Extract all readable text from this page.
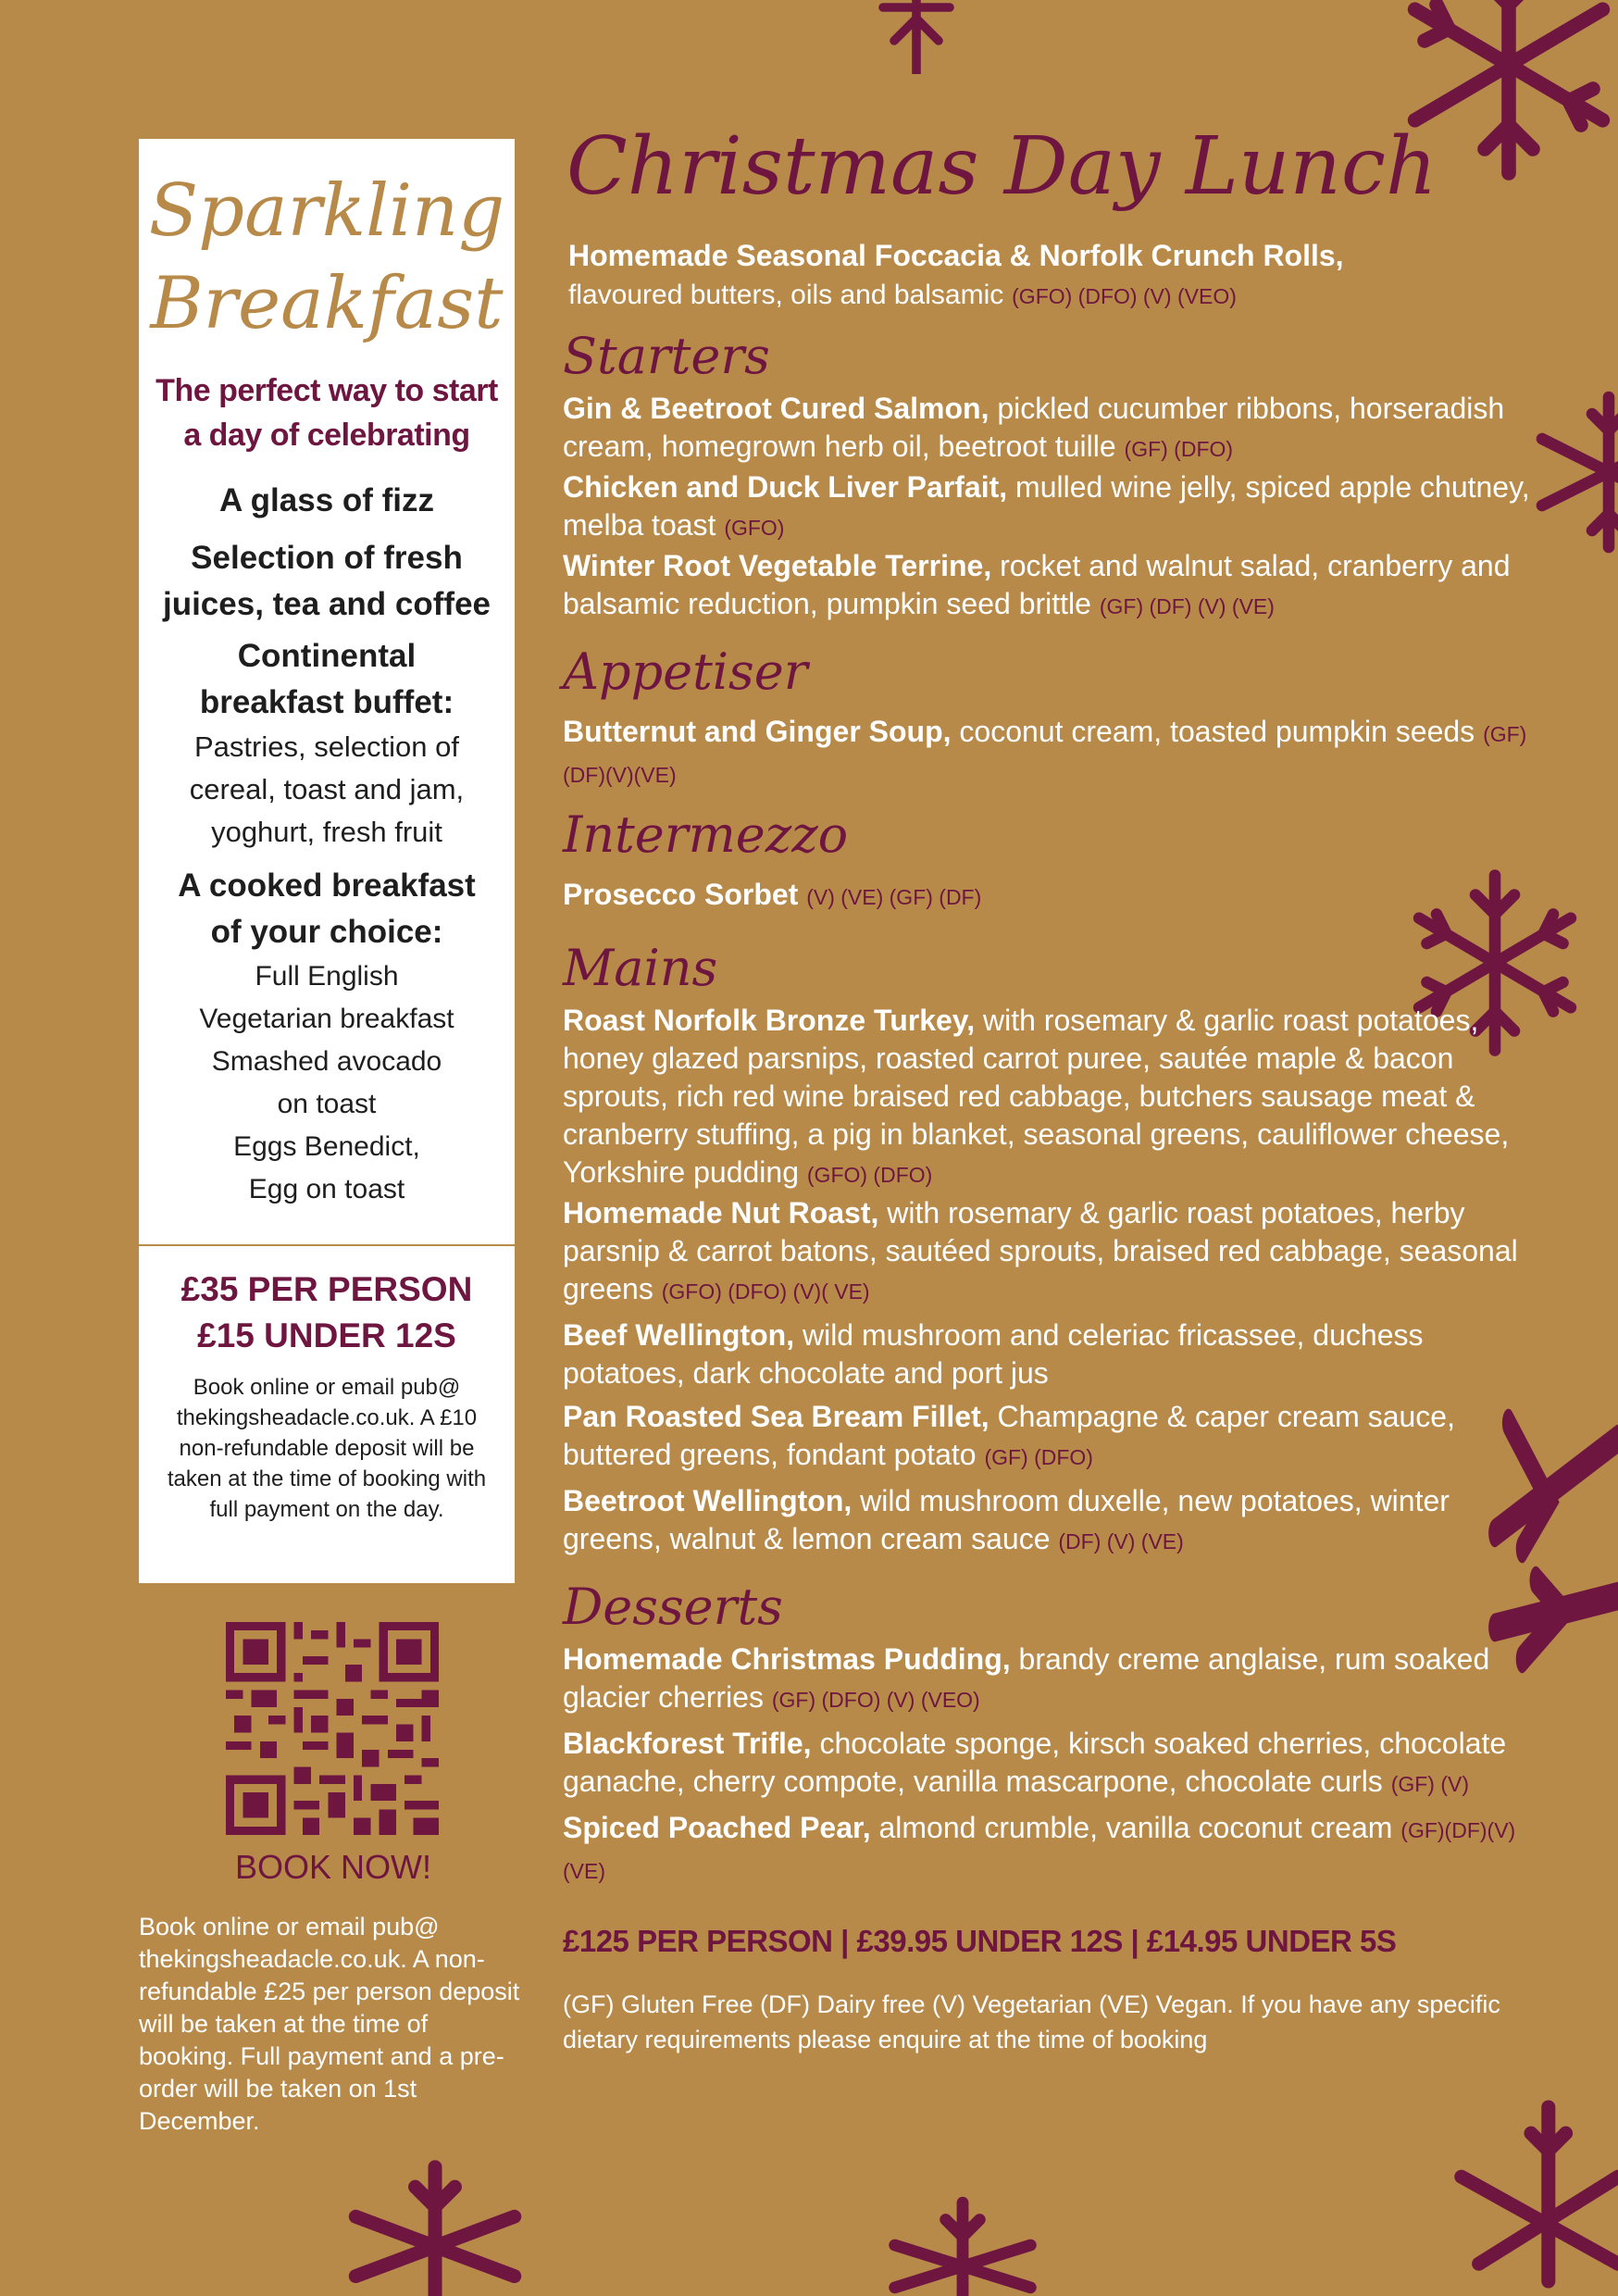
Sparkling
Breakfast
The perfect way to start
a day of celebrating
A glass of fizz
Selection of fresh
juices, tea and coffee
Continental
breakfast buffet:
Pastries, selection of
cereal, toast and jam,
yoghurt, fresh fruit
A cooked breakfast
of your choice:
Full English
Vegetarian breakfast
Smashed avocado
on toast
Eggs Benedict,
Egg on toast
£35 PER PERSON
£15 UNDER 12S
Book online or email pub@ thekingsheadacle.co.uk. A £10 non-refundable deposit will be taken at the time of booking with full payment on the day.
BOOK NOW!
Book online or email pub@ thekingsheadacle.co.uk. A non-refundable £25 per person deposit will be taken at the time of booking. Full payment and a pre-order will be taken on 1st December.
Christmas Day Lunch

Homemade Seasonal Foccacia & Norfolk Crunch Rolls,
flavoured butters, oils and balsamic (GFO) (DFO) (V) (VEO)

Starters

Gin & Beetroot Cured Salmon, pickled cucumber ribbons, horseradish cream, homegrown herb oil, beetroot tuille (GF) (DFO)

Chicken and Duck Liver Parfait, mulled wine jelly, spiced apple chutney, melba toast (GFO)

Winter Root Vegetable Terrine, rocket and walnut salad, cranberry and balsamic reduction, pumpkin seed brittle (GF) (DF) (V) (VE)

Appetiser

Butternut and Ginger Soup, coconut cream, toasted pumpkin seeds (GF)(DF)(V)(VE)

Intermezzo

Prosecco Sorbet (V) (VE) (GF) (DF)

Mains

Roast Norfolk Bronze Turkey, with rosemary & garlic roast potatoes, honey glazed parsnips, roasted carrot puree, sautée maple & bacon sprouts, rich red wine braised red cabbage, butchers sausage meat & cranberry stuffing, a pig in blanket, seasonal greens, cauliflower cheese, Yorkshire pudding (GFO) (DFO)

Homemade Nut Roast, with rosemary & garlic roast potatoes, herby parsnip & carrot batons, sautéed sprouts, braised red cabbage, seasonal greens (GFO) (DFO) (V)( VE)

Beef Wellington, wild mushroom and celeriac fricassee, duchess potatoes, dark chocolate and port jus

Pan Roasted Sea Bream Fillet, Champagne & caper cream sauce, buttered greens, fondant potato (GF) (DFO)

Beetroot Wellington, wild mushroom duxelle, new potatoes, winter greens, walnut & lemon cream sauce (DF) (V) (VE)

Desserts

Homemade Christmas Pudding, brandy creme anglaise, rum soaked glacier cherries (GF) (DFO) (V) (VEO)

Blackforest Trifle, chocolate sponge, kirsch soaked cherries, chocolate ganache, cherry compote, vanilla mascarpone, chocolate curls (GF) (V)

Spiced Poached Pear, almond crumble, vanilla coconut cream (GF)(DF)(V)(VE)

£125 PER PERSON | £39.95 UNDER 12S | £14.95 UNDER 5S
(GF) Gluten Free (DF) Dairy free (V) Vegetarian (VE) Vegan. If you have any specific dietary requirements please enquire at the time of booking
